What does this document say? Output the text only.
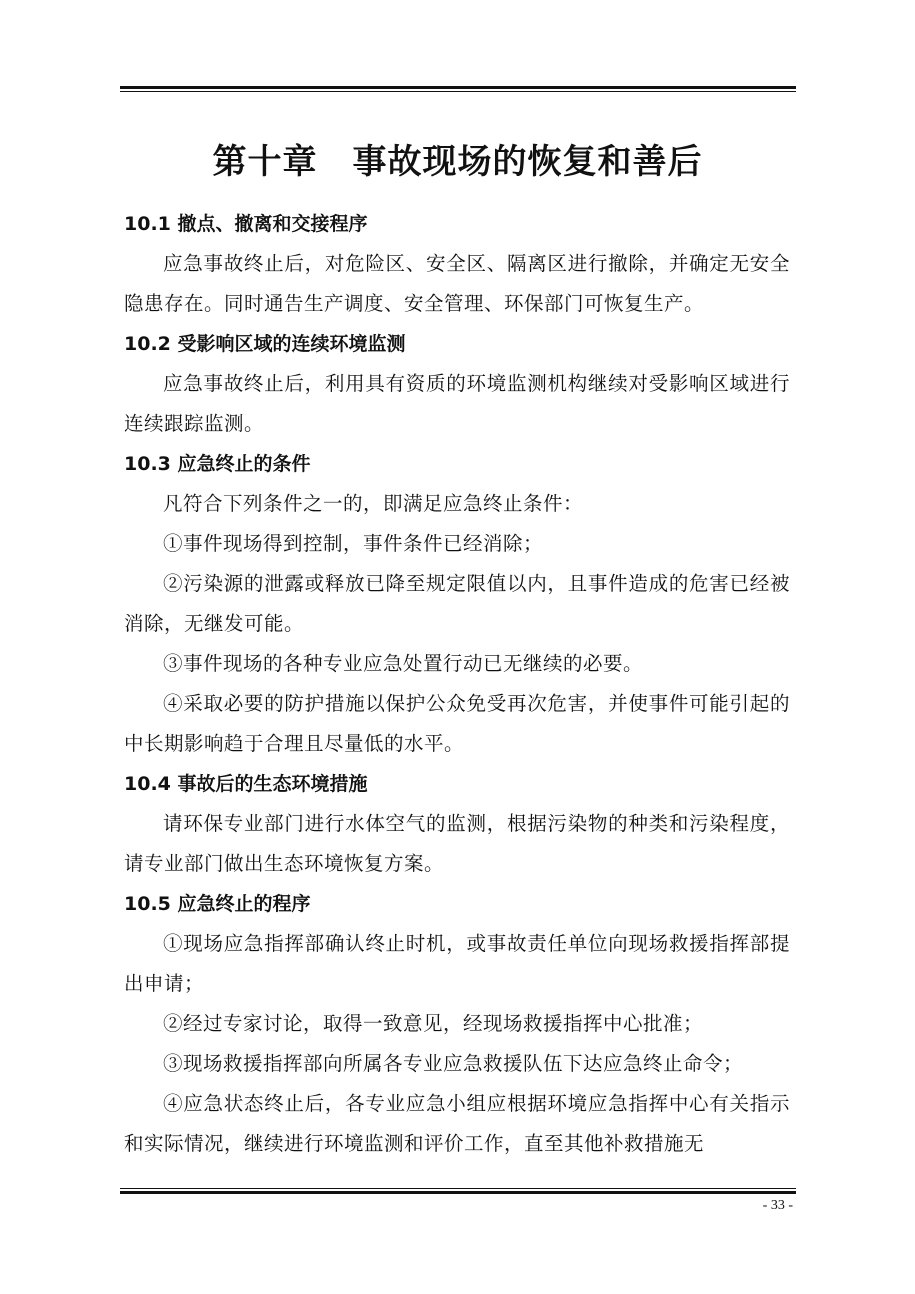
第十章　事故现场的恢复和善后
10.1 撤点、撤离和交接程序
应急事故终止后，对危险区、安全区、隔离区进行撤除，并确定无安全隐患存在。同时通告生产调度、安全管理、环保部门可恢复生产。
10.2 受影响区域的连续环境监测
应急事故终止后，利用具有资质的环境监测机构继续对受影响区域进行连续跟踪监测。
10.3 应急终止的条件
凡符合下列条件之一的，即满足应急终止条件：
①事件现场得到控制，事件条件已经消除；
②污染源的泄露或释放已降至规定限值以内，且事件造成的危害已经被消除，无继发可能。
③事件现场的各种专业应急处置行动已无继续的必要。
④采取必要的防护措施以保护公众免受再次危害，并使事件可能引起的中长期影响趋于合理且尽量低的水平。
10.4 事故后的生态环境措施
请环保专业部门进行水体空气的监测，根据污染物的种类和污染程度，请专业部门做出生态环境恢复方案。
10.5 应急终止的程序
①现场应急指挥部确认终止时机，或事故责任单位向现场救援指挥部提出申请；
②经过专家讨论，取得一致意见，经现场救援指挥中心批准；
③现场救援指挥部向所属各专业应急救援队伍下达应急终止命令；
④应急状态终止后，各专业应急小组应根据环境应急指挥中心有关指示和实际情况，继续进行环境监测和评价工作，直至其他补救措施无
- 33 -
